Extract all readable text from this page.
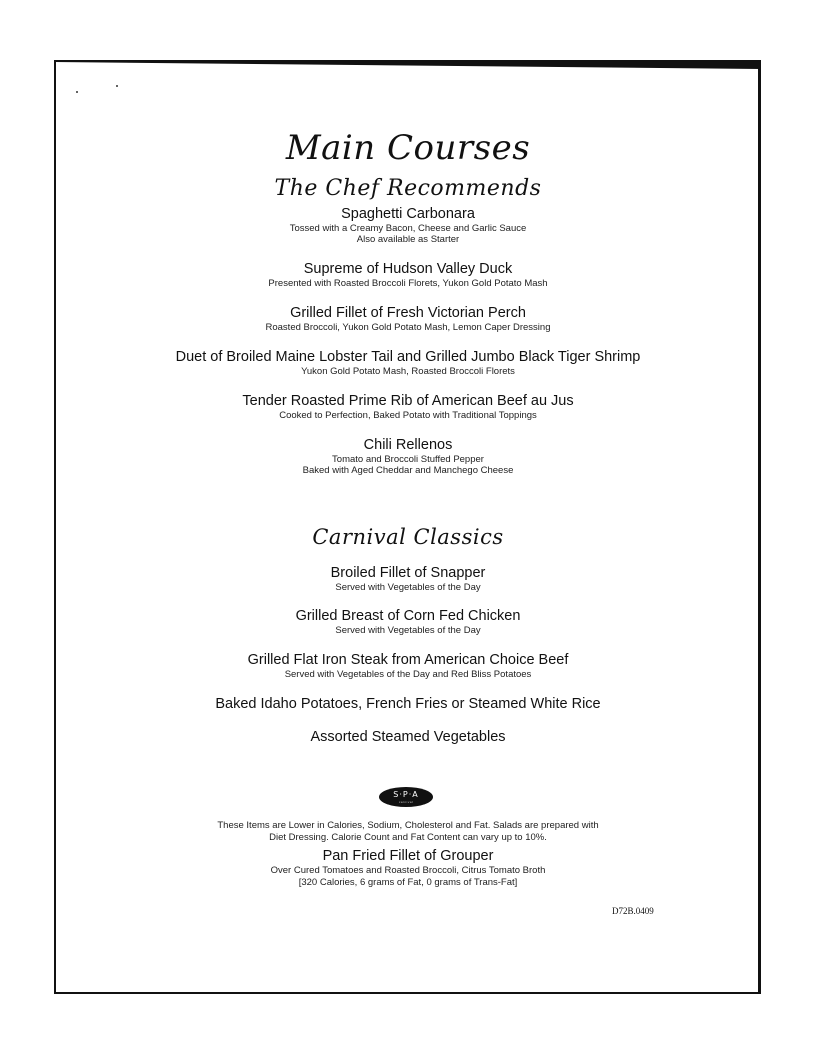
Main Courses
The Chef Recommends
Spaghetti Carbonara
Tossed with a Creamy Bacon, Cheese and Garlic Sauce
Also available as Starter
Supreme of Hudson Valley Duck
Presented with Roasted Broccoli Florets, Yukon Gold Potato Mash
Grilled Fillet of Fresh Victorian Perch
Roasted Broccoli, Yukon Gold Potato Mash, Lemon Caper Dressing
Duet of Broiled Maine Lobster Tail and Grilled Jumbo Black Tiger Shrimp
Yukon Gold Potato Mash, Roasted Broccoli Florets
Tender Roasted Prime Rib of American Beef au Jus
Cooked to Perfection, Baked Potato with Traditional Toppings
Chili Rellenos
Tomato and Broccoli Stuffed Pepper
Baked with Aged Cheddar and Manchego Cheese
Carnival Classics
Broiled Fillet of Snapper
Served with Vegetables of the Day
Grilled Breast of Corn Fed Chicken
Served with Vegetables of the Day
Grilled Flat Iron Steak from American Choice Beef
Served with Vegetables of the Day and Red Bliss Potatoes
Baked Idaho Potatoes, French Fries or Steamed White Rice
Assorted Steamed Vegetables
S·P·A
carnival
These Items are Lower in Calories, Sodium, Cholesterol and Fat. Salads are prepared with
Diet Dressing. Calorie Count and Fat Content can vary up to 10%.
Pan Fried Fillet of Grouper
Over Cured Tomatoes and Roasted Broccoli, Citrus Tomato Broth
[320 Calories, 6 grams of Fat, 0 grams of Trans-Fat]
D72B.0409
